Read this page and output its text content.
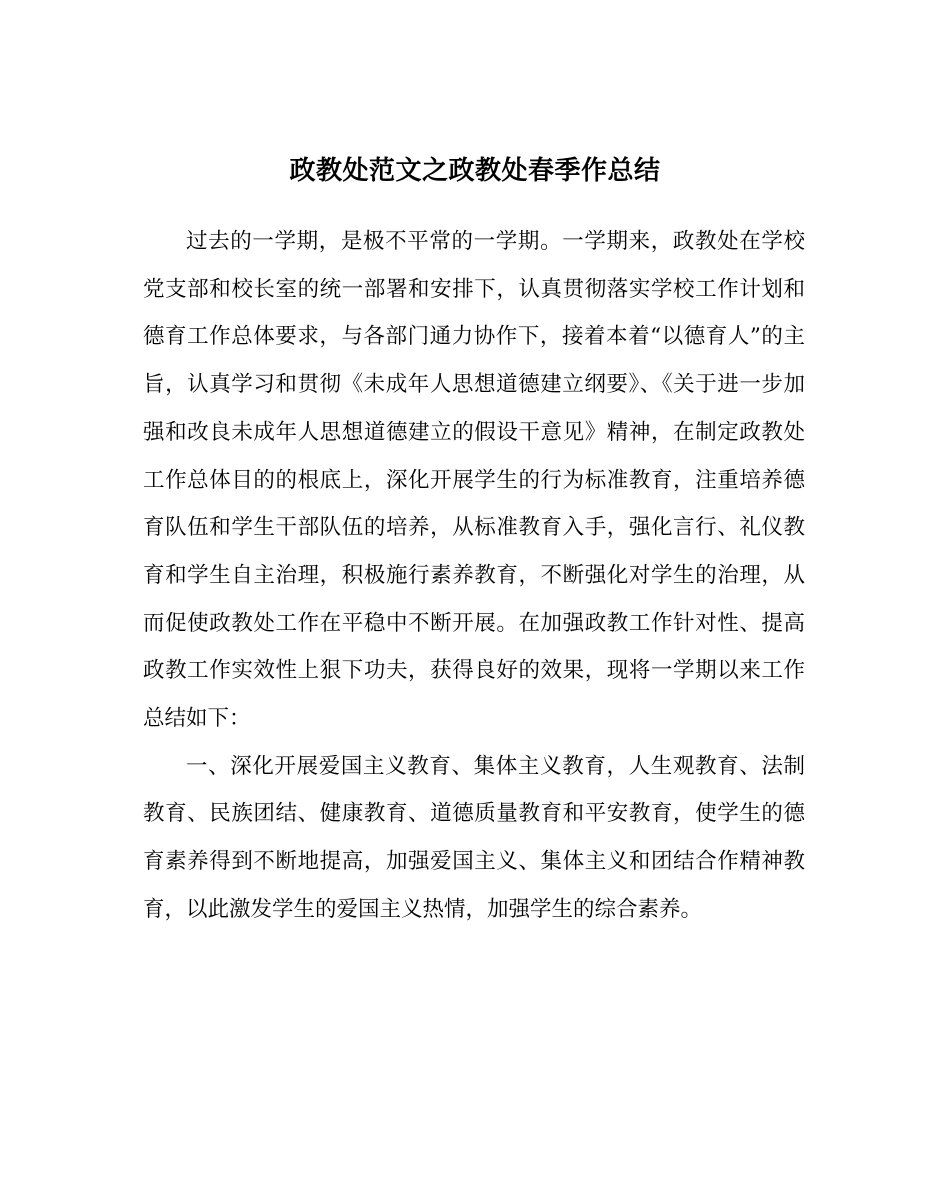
政教处范文之政教处春季作总结

过去的一学期，是极不平常的一学期。一学期来，政教处在学校党支部和校长室的统一部署和安排下，认真贯彻落实学校工作计划和德育工作总体要求，与各部门通力协作下，接着本着“以德育人”的主旨，认真学习和贯彻《未成年人思想道德建立纲要》、《关于进一步加强和改良未成年人思想道德建立的假设干意见》精神，在制定政教处工作总体目的的根底上，深化开展学生的行为标准教育，注重培养德育队伍和学生干部队伍的培养，从标准教育入手，强化言行、礼仪教育和学生自主治理，积极施行素养教育，不断强化对学生的治理，从而促使政教处工作在平稳中不断开展。在加强政教工作针对性、提高政教工作实效性上狠下功夫，获得良好的效果，现将一学期以来工作总结如下：

一、深化开展爱国主义教育、集体主义教育，人生观教育、法制教育、民族团结、健康教育、道德质量教育和平安教育，使学生的德育素养得到不断地提高，加强爱国主义、集体主义和团结合作精神教育，以此激发学生的爱国主义热情，加强学生的综合素养。
